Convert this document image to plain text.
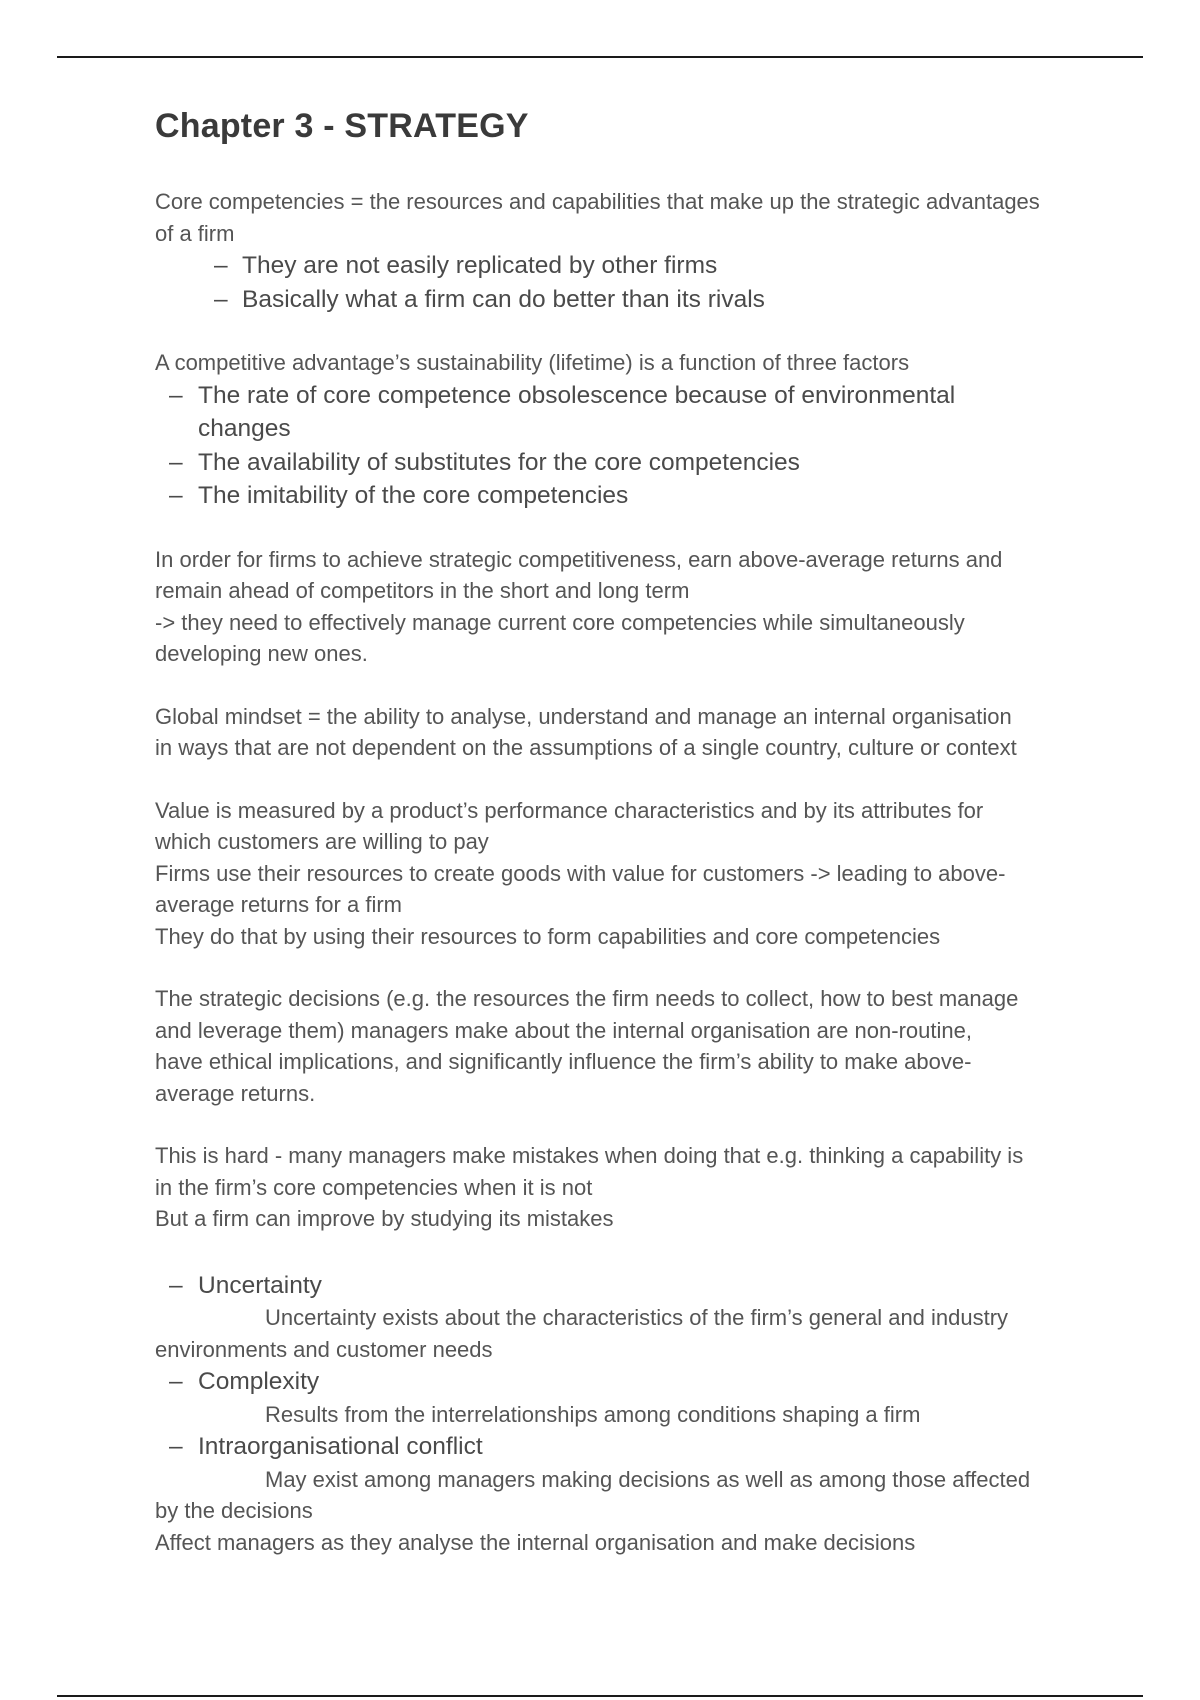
Chapter 3 - STRATEGY

Core competencies = the resources and capabilities that make up the strategic advantages of a firm

– They are not easily replicated by other firms
– Basically what a firm can do better than its rivals

A competitive advantage’s sustainability (lifetime) is a function of three factors

– The rate of core competence obsolescence because of environmental changes
– The availability of substitutes for the core competencies
– The imitability of the core competencies

In order for firms to achieve strategic competitiveness, earn above-average returns and remain ahead of competitors in the short and long term

-> they need to effectively manage current core competencies while simultaneously developing new ones.

Global mindset = the ability to analyse, understand and manage an internal organisation in ways that are not dependent on the assumptions of a single country, culture or context

Value is measured by a product’s performance characteristics and by its attributes for which customers are willing to pay

Firms use their resources to create goods with value for customers -> leading to above-average returns for a firm

They do that by using their resources to form capabilities and core competencies

The strategic decisions (e.g. the resources the firm needs to collect, how to best manage and leverage them) managers make about the internal organisation are non-routine, have ethical implications, and significantly influence the firm’s ability to make above-average returns.

This is hard - many managers make mistakes when doing that e.g. thinking a capability is in the firm’s core competencies when it is not

But a firm can improve by studying its mistakes

– Uncertainty

Uncertainty exists about the characteristics of the firm’s general and industry environments and customer needs

– Complexity

Results from the interrelationships among conditions shaping a firm

– Intraorganisational conflict

May exist among managers making decisions as well as among those affected by the decisions

Affect managers as they analyse the internal organisation and make decisions
